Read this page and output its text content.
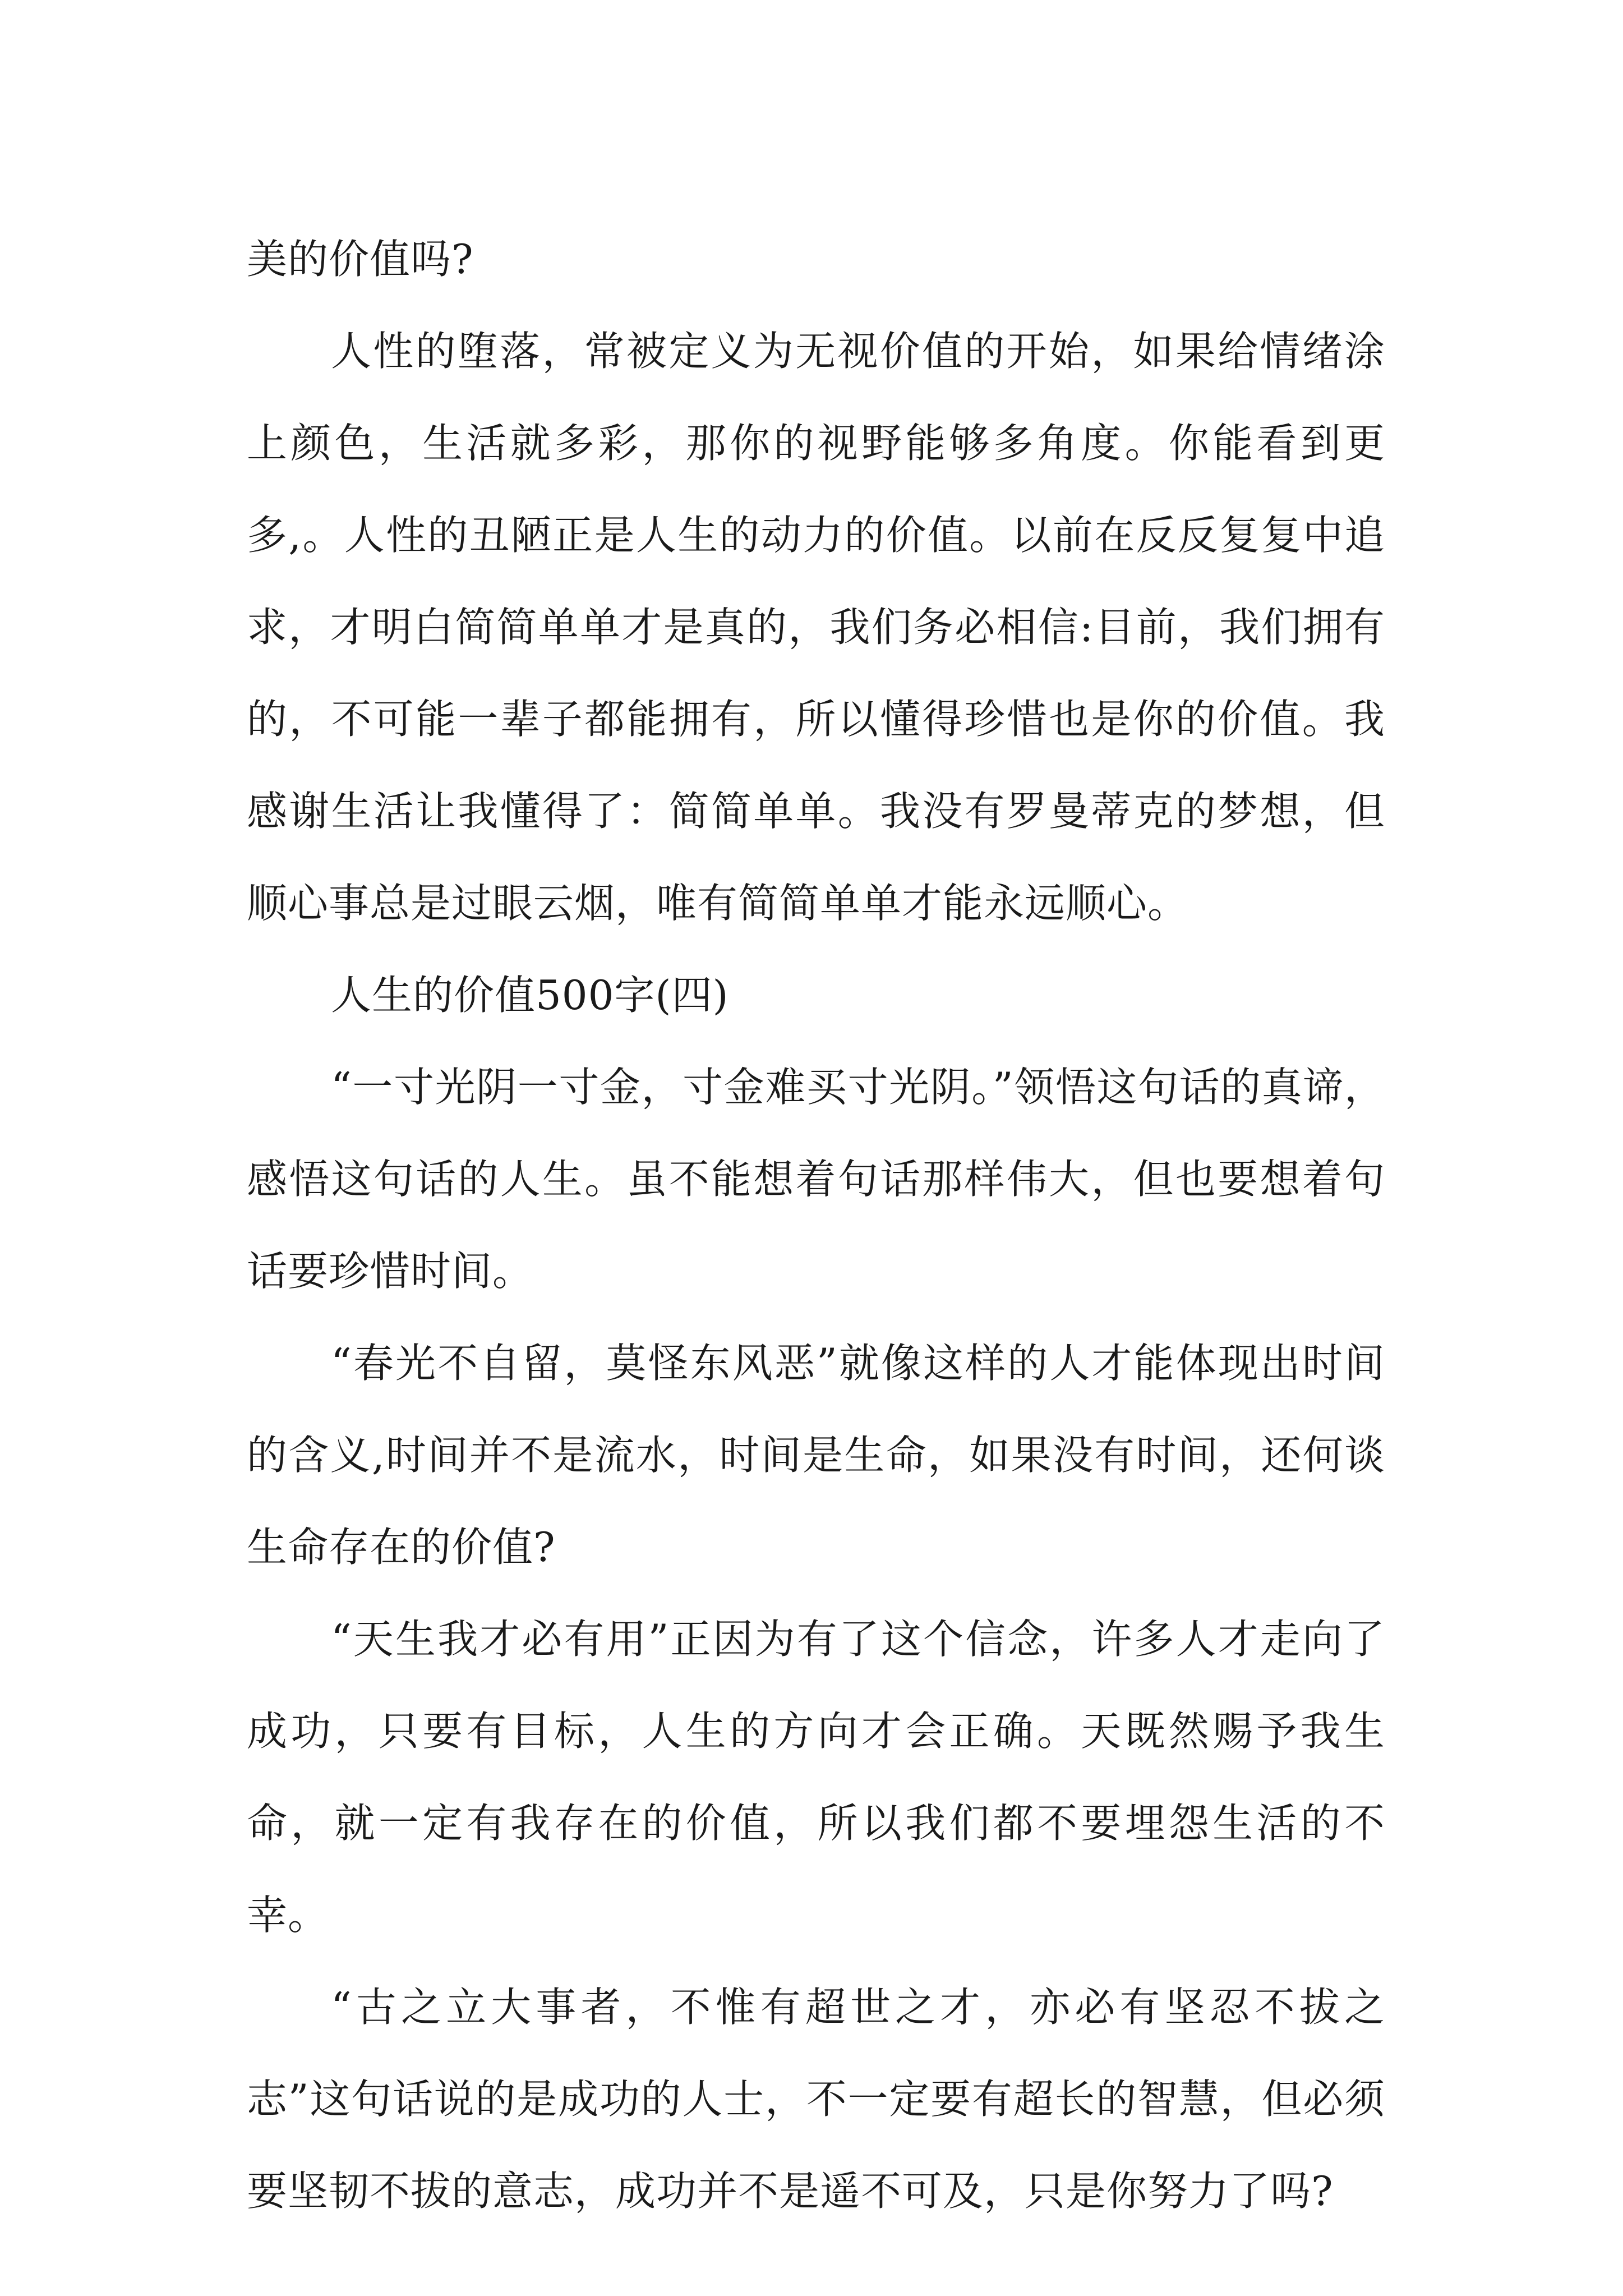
美的价值吗?

人性的堕落，常被定义为无视价值的开始，如果给情绪涂上颜色，生活就多彩，那你的视野能够多角度。你能看到更多,。人性的丑陋正是人生的动力的价值。以前在反反复复中追求，才明白简简单单才是真的，我们务必相信:目前，我们拥有的，不可能一辈子都能拥有，所以懂得珍惜也是你的价值。我感谢生活让我懂得了：简简单单。我没有罗曼蒂克的梦想，但顺心事总是过眼云烟，唯有简简单单才能永远顺心。

人生的价值500字(四)

“一寸光阴一寸金，寸金难买寸光阴。”领悟这句话的真谛，感悟这句话的人生。虽不能想着句话那样伟大，但也要想着句话要珍惜时间。

“春光不自留，莫怪东风恶”就像这样的人才能体现出时间的含义,时间并不是流水，时间是生命，如果没有时间，还何谈生命存在的价值?

“天生我才必有用”正因为有了这个信念，许多人才走向了成功，只要有目标，人生的方向才会正确。天既然赐予我生命，就一定有我存在的价值，所以我们都不要埋怨生活的不幸。

“古之立大事者，不惟有超世之才，亦必有坚忍不拔之志”这句话说的是成功的人士，不一定要有超长的智慧，但必须要坚韧不拔的意志，成功并不是遥不可及，只是你努力了吗?
